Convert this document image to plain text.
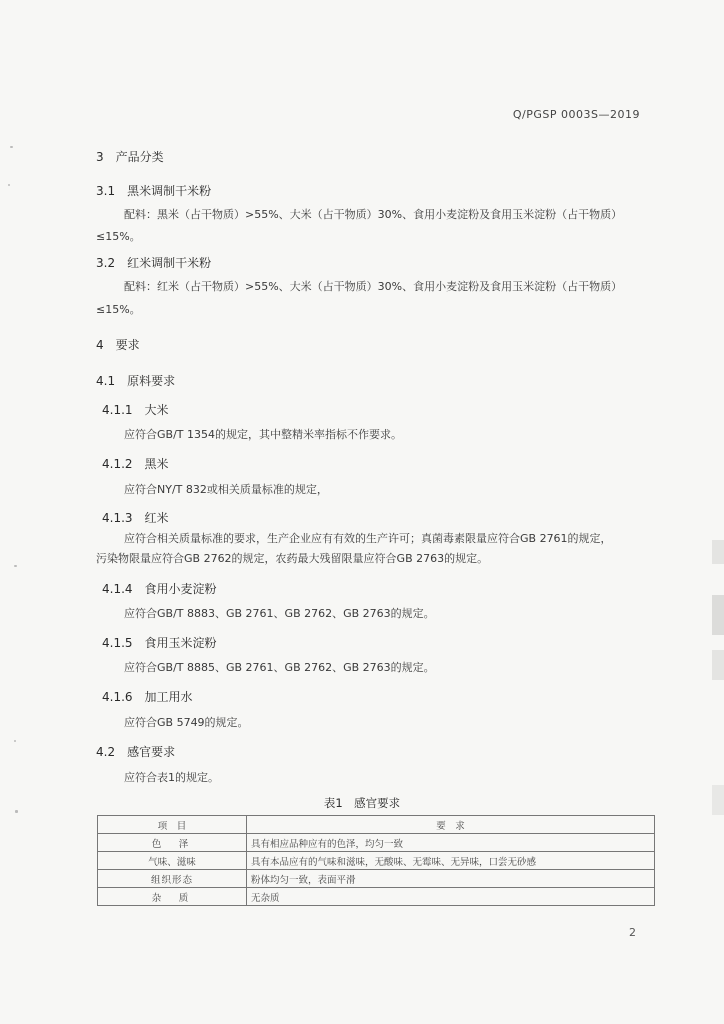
Q/PGSP 0003S—2019
3　产品分类
3.1　黑米调制干米粉
配料：黑米（占干物质）>55%、大米（占干物质）30%、食用小麦淀粉及食用玉米淀粉（占干物质）
≤15%。
3.2　红米调制干米粉
配料：红米（占干物质）>55%、大米（占干物质）30%、食用小麦淀粉及食用玉米淀粉（占干物质）
≤15%。
4　要求
4.1　原料要求
4.1.1　大米
应符合GB/T 1354的规定，其中整精米率指标不作要求。
4.1.2　黑米
应符合NY/T 832或相关质量标准的规定，
4.1.3　红米
应符合相关质量标准的要求，生产企业应有有效的生产许可；真菌毒素限量应符合GB 2761的规定，
污染物限量应符合GB 2762的规定，农药最大残留限量应符合GB 2763的规定。
4.1.4　食用小麦淀粉
应符合GB/T 8883、GB 2761、GB 2762、GB 2763的规定。
4.1.5　食用玉米淀粉
应符合GB/T 8885、GB 2761、GB 2762、GB 2763的规定。
4.1.6　加工用水
应符合GB 5749的规定。
4.2　感官要求
应符合表1的规定。
表1　感官要求
项　目	要　求
色　泽	具有相应品种应有的色泽，均匀一致
气味、滋味	具有本品应有的气味和滋味，无酸味、无霉味、无异味，口尝无砂感
组织形态	粉体均匀一致，表面平滑
杂　质	无杂质
2
